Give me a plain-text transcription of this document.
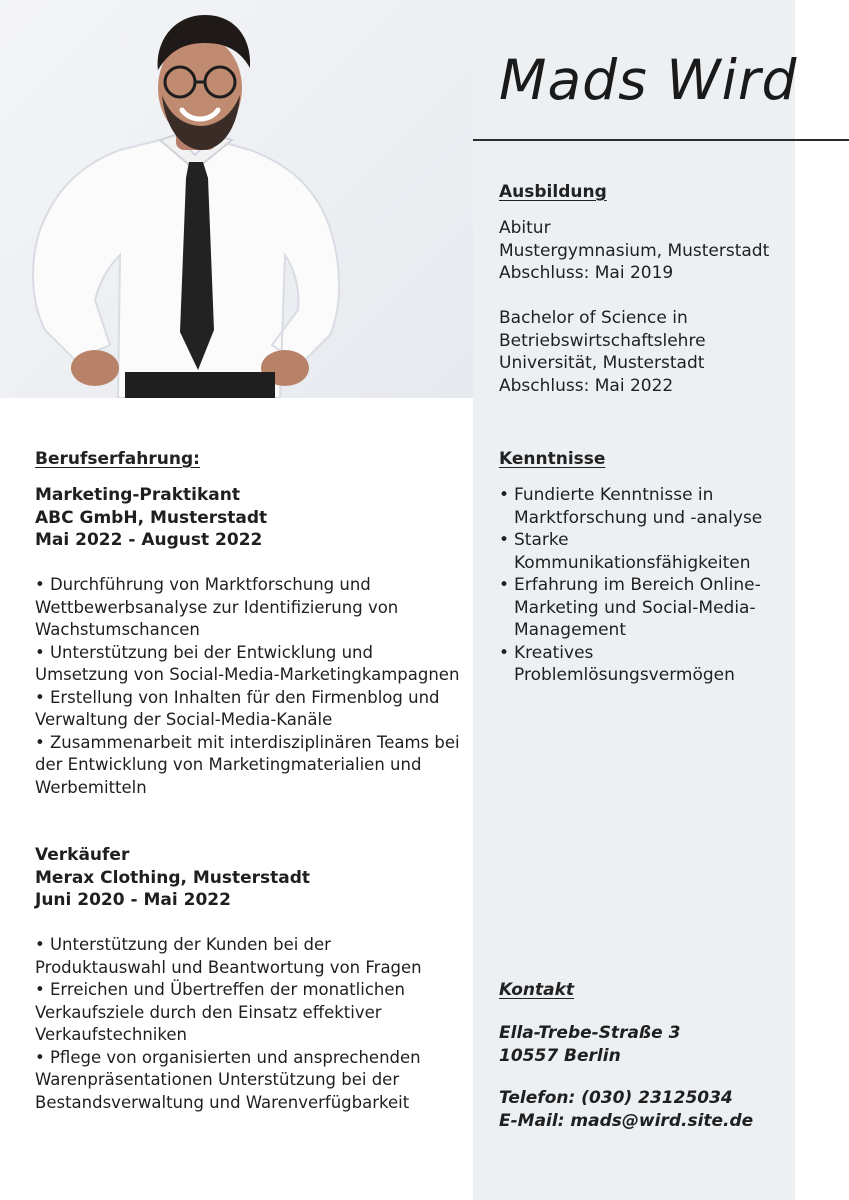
Mads Wird
Ausbildung
Abitur
Mustergymnasium, Musterstadt
Abschluss: Mai 2019
Bachelor of Science in
Betriebswirtschaftslehre
Universität, Musterstadt
Abschluss: Mai 2022
Berufserfahrung:
Marketing-Praktikant
ABC GmbH, Musterstadt
Mai 2022 - August 2022
• Durchführung von Marktforschung und Wettbewerbsanalyse zur Identifizierung von Wachstumschancen
• Unterstützung bei der Entwicklung und Umsetzung von Social-Media-Marketingkampagnen
• Erstellung von Inhalten für den Firmenblog und Verwaltung der Social-Media-Kanäle
• Zusammenarbeit mit interdisziplinären Teams bei der Entwicklung von Marketingmaterialien und Werbemitteln
Verkäufer
Merax Clothing, Musterstadt
Juni 2020 - Mai 2022
• Unterstützung der Kunden bei der Produktauswahl und Beantwortung von Fragen
• Erreichen und Übertreffen der monatlichen Verkaufsziele durch den Einsatz effektiver Verkaufstechniken
• Pflege von organisierten und ansprechenden Warenpräsentationen Unterstützung bei der Bestandsverwaltung und Warenverfügbarkeit
Kenntnisse
• Fundierte Kenntnisse in Marktforschung und -analyse
• Starke Kommunikationsfähigkeiten
• Erfahrung im Bereich Online-Marketing und Social-Media-Management
• Kreatives Problemlösungsvermögen
Kontakt
Ella-Trebe-Straße 3
10557 Berlin
Telefon: (030) 23125034
E-Mail: mads@wird.site.de
